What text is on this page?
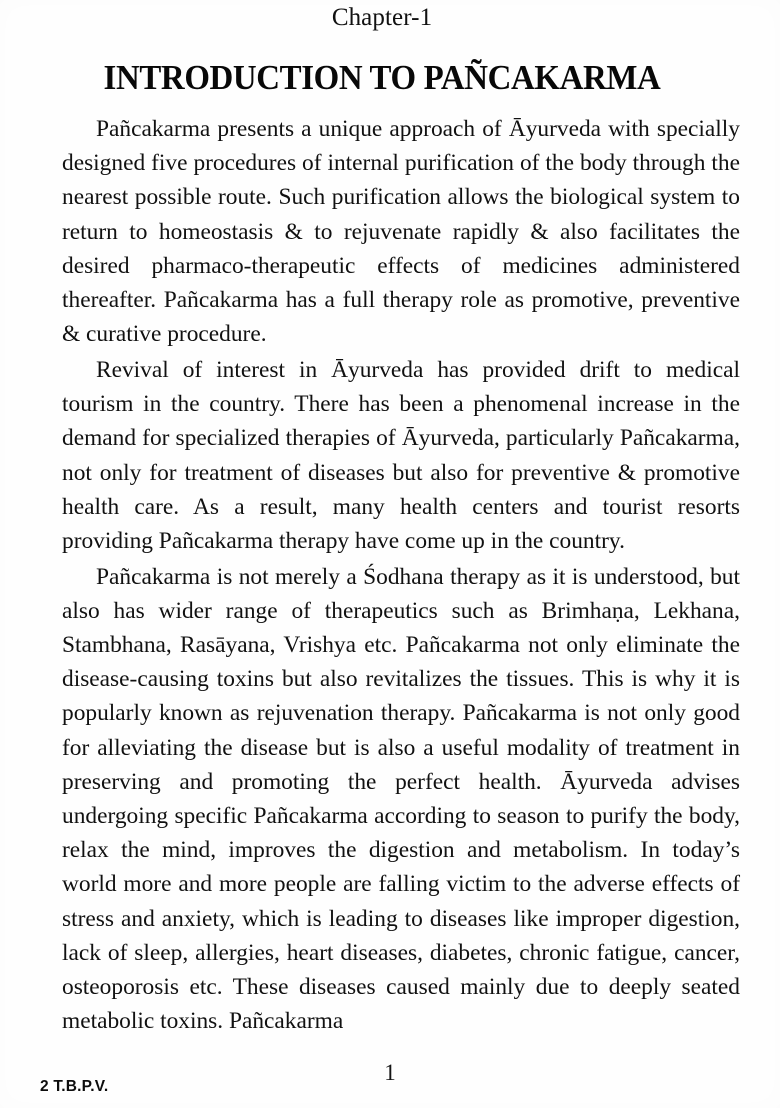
Chapter-1
INTRODUCTION TO PAÑCAKARMA

Pañcakarma presents a unique approach of Āyurveda with specially designed five procedures of internal purification of the body through the nearest possible route. Such purification allows the biological system to return to homeostasis & to rejuvenate rapidly & also facilitates the desired pharmaco-therapeutic effects of medicines administered thereafter. Pañcakarma has a full therapy role as promotive, preventive & curative procedure.

Revival of interest in Āyurveda has provided drift to medical tourism in the country. There has been a phenomenal increase in the demand for specialized therapies of Āyurveda, particularly Pañcakarma, not only for treatment of diseases but also for preventive & promotive health care. As a result, many health centers and tourist resorts providing Pañcakarma therapy have come up in the country.

Pañcakarma is not merely a Śodhana therapy as it is understood, but also has wider range of therapeutics such as Brimhaṇa, Lekhana, Stambhana, Rasāyana, Vrishya etc. Pañcakarma not only eliminate the disease-causing toxins but also revitalizes the tissues. This is why it is popularly known as rejuvenation therapy. Pañcakarma is not only good for alleviating the disease but is also a useful modality of treatment in preserving and promoting the perfect health. Āyurveda advises undergoing specific Pañcakarma according to season to purify the body, relax the mind, improves the digestion and metabolism. In today’s world more and more people are falling victim to the adverse effects of stress and anxiety, which is leading to diseases like improper digestion, lack of sleep, allergies, heart diseases, diabetes, chronic fatigue, cancer, osteoporosis etc. These diseases caused mainly due to deeply seated metabolic toxins. Pañcakarma

2 T.B.P.V.
1
